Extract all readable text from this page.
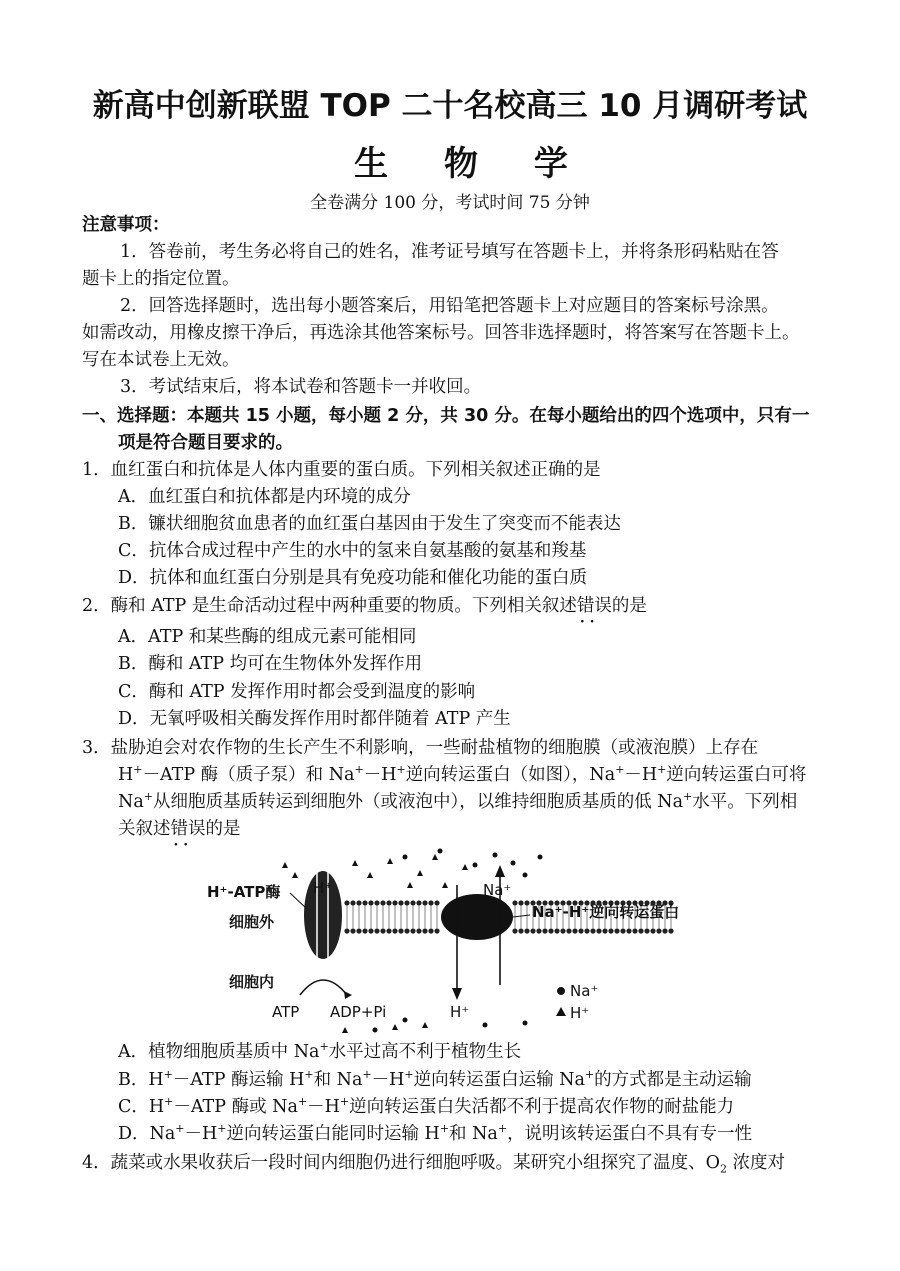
新高中创新联盟 TOP 二十名校高三 10 月调研考试
生 物 学
全卷满分 100 分，考试时间 75 分钟
注意事项：
1．答卷前，考生务必将自己的姓名，准考证号填写在答题卡上，并将条形码粘贴在答
题卡上的指定位置。
2．回答选择题时，选出每小题答案后，用铅笔把答题卡上对应题目的答案标号涂黑。
如需改动，用橡皮擦干净后，再选涂其他答案标号。回答非选择题时，将答案写在答题卡上。
写在本试卷上无效。
3．考试结束后，将本试卷和答题卡一并收回。
一、选择题：本题共 15 小题，每小题 2 分，共 30 分。在每小题给出的四个选项中，只有一
项是符合题目要求的。
1．血红蛋白和抗体是人体内重要的蛋白质。下列相关叙述正确的是
A．血红蛋白和抗体都是内环境的成分
B．镰状细胞贫血患者的血红蛋白基因由于发生了突变而不能表达
C．抗体合成过程中产生的水中的氢来自氨基酸的氨基和羧基
D．抗体和血红蛋白分别是具有免疫功能和催化功能的蛋白质
2．酶和 ATP 是生命活动过程中两种重要的物质。下列相关叙述错误 · ·的是
A．ATP 和某些酶的组成元素可能相同
B．酶和 ATP 均可在生物体外发挥作用
C．酶和 ATP 发挥作用时都会受到温度的影响
D．无氧呼吸相关酶发挥作用时都伴随着 ATP 产生
3．盐胁迫会对农作物的生长产生不利影响，一些耐盐植物的细胞膜（或液泡膜）上存在
H+－ATP 酶（质子泵）和 Na+－H+逆向转运蛋白（如图），Na+－H+逆向转运蛋白可将
Na+从细胞质基质转运到细胞外（或液泡中），以维持细胞质基质的低 Na+水平。下列相
关叙述错误 · ·的是
H⁺-ATP酶 H⁺	Na⁺
Na⁺-H⁺逆向转运蛋白
细胞外
细胞内
ATP ADP+Pi	H⁺
Na⁺
H⁺
A．植物细胞质基质中 Na+水平过高不利于植物生长
B．H+－ATP 酶运输 H+和 Na+－H+逆向转运蛋白运输 Na+的方式都是主动运输
C．H+－ATP 酶或 Na+－H+逆向转运蛋白失活都不利于提高农作物的耐盐能力
D．Na+－H+逆向转运蛋白能同时运输 H+和 Na+，说明该转运蛋白不具有专一性
4．蔬菜或水果收获后一段时间内细胞仍进行细胞呼吸。某研究小组探究了温度、$O_2$ 浓度对
